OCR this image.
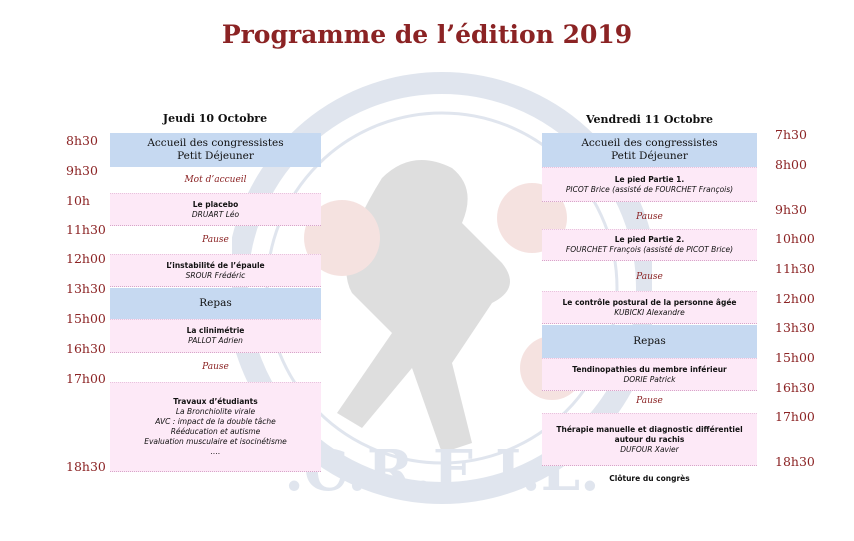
.C.R.E.I.L.
Programme de l’édition 2019
Jeudi 10 Octobre
8h30
9h30
10h
11h30
12h00
13h30
15h00
16h30
17h00
18h30
Accueil des congressistes
Petit Déjeuner
Mot d’accueil
Le placebo
DRUART Léo
Pause
L’instabilité de l’épaule
SROUR Frédéric
Repas
La clinimétrie
PALLOT Adrien
Pause
Travaux d’étudiants
La Bronchiolite virale
AVC : impact de la double tâche
Rééducation et autisme
Evaluation musculaire et isocinétisme
….
Vendredi 11 Octobre
7h30
8h00
9h30
10h00
11h30
12h00
13h30
15h00
16h30
17h00
18h30
Accueil des congressistes
Petit Déjeuner
Le pied Partie 1.
PICOT Brice (assisté de FOURCHET François)
Pause
Le pied Partie 2.
FOURCHET François (assisté de PICOT Brice)
Pause
Le contrôle postural de la personne âgée
KUBICKI Alexandre
Repas
Tendinopathies du membre inférieur
DORIE Patrick
Pause
Thérapie manuelle et diagnostic différentiel
autour du rachis
DUFOUR Xavier
Clôture du congrès
